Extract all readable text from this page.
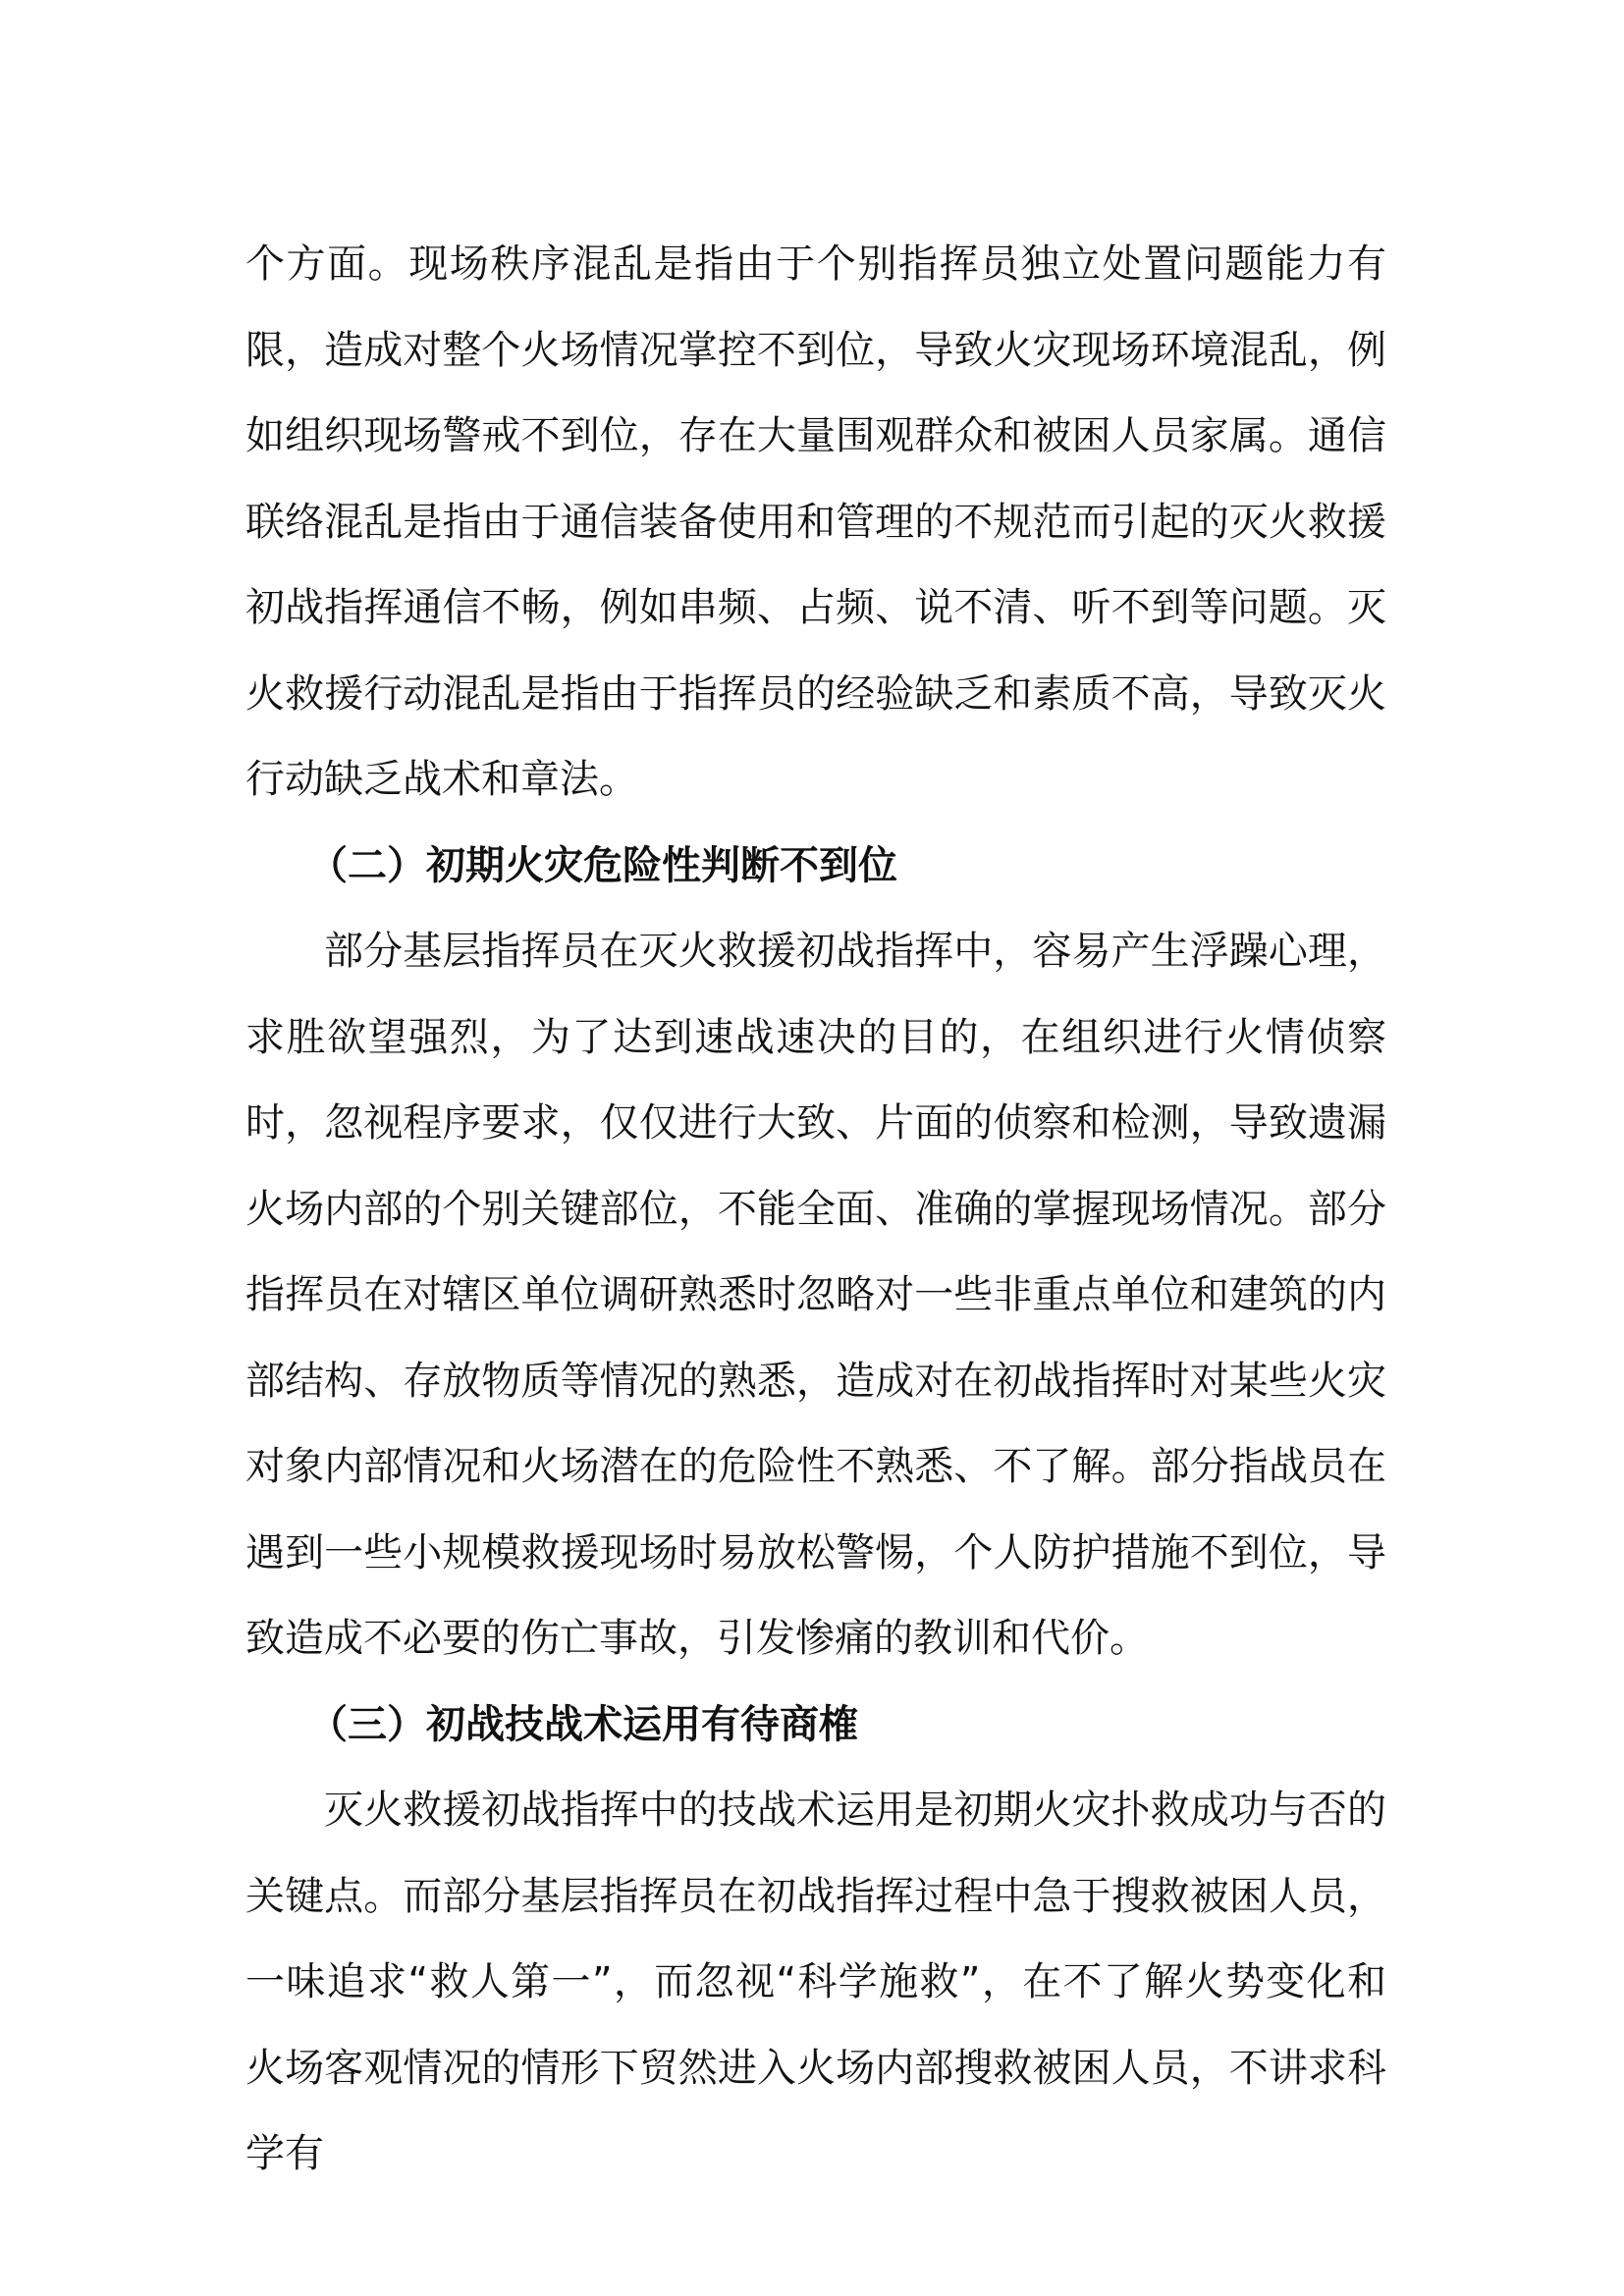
个方面。现场秩序混乱是指由于个别指挥员独立处置问题能力有限，造成对整个火场情况掌控不到位，导致火灾现场环境混乱，例如组织现场警戒不到位，存在大量围观群众和被困人员家属。通信联络混乱是指由于通信装备使用和管理的不规范而引起的灭火救援初战指挥通信不畅，例如串频、占频、说不清、听不到等问题。灭火救援行动混乱是指由于指挥员的经验缺乏和素质不高，导致灭火行动缺乏战术和章法。

（二）初期火灾危险性判断不到位

部分基层指挥员在灭火救援初战指挥中，容易产生浮躁心理，求胜欲望强烈，为了达到速战速决的目的，在组织进行火情侦察时，忽视程序要求，仅仅进行大致、片面的侦察和检测，导致遗漏火场内部的个别关键部位，不能全面、准确的掌握现场情况。部分指挥员在对辖区单位调研熟悉时忽略对一些非重点单位和建筑的内部结构、存放物质等情况的熟悉，造成对在初战指挥时对某些火灾对象内部情况和火场潜在的危险性不熟悉、不了解。部分指战员在遇到一些小规模救援现场时易放松警惕，个人防护措施不到位，导致造成不必要的伤亡事故，引发惨痛的教训和代价。

（三）初战技战术运用有待商榷

灭火救援初战指挥中的技战术运用是初期火灾扑救成功与否的关键点。而部分基层指挥员在初战指挥过程中急于搜救被困人员，一味追求“救人第一”，而忽视“科学施救”，在不了解火势变化和火场客观情况的情形下贸然进入火场内部搜救被困人员，不讲求科学有
